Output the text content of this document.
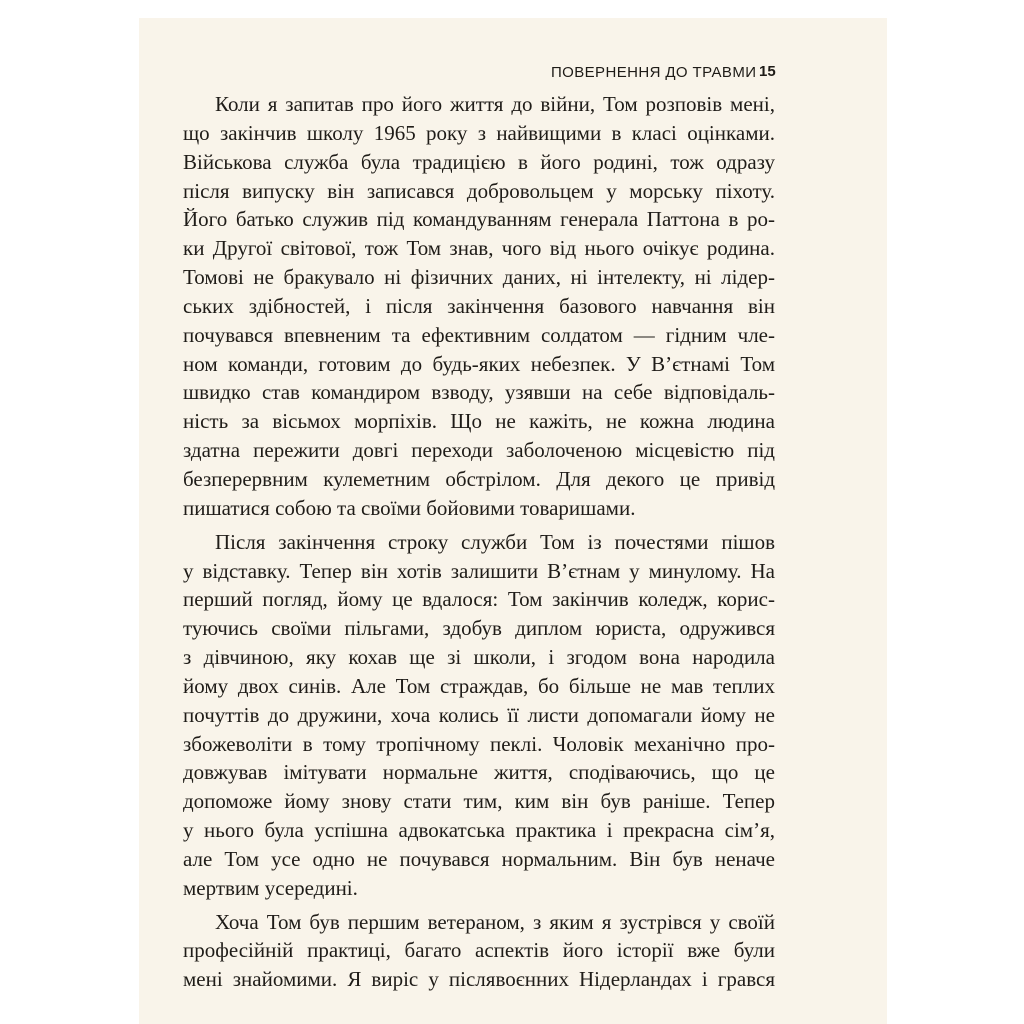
ПОВЕРНЕННЯ ДО ТРАВМИ 15
Коли я запитав про його життя до війни, Том розповів мені,
що закінчив школу 1965 року з найвищими в класі оцінками.
Військова служба була традицією в його родині, тож одразу
після випуску він записався добровольцем у морську піхоту.
Його батько служив під командуванням генерала Паттона в ро-
ки Другої світової, тож Том знав, чого від нього очікує родина.
Томові не бракувало ні фізичних даних, ні інтелекту, ні лідер-
ських здібностей, і після закінчення базового навчання він
почувався впевненим та ефективним солдатом — гідним чле-
ном команди, готовим до будь-яких небезпек. У В’єтнамі Том
швидко став командиром взводу, узявши на себе відповідаль-
ність за вісьмох морпіхів. Що не кажіть, не кожна людина
здатна пережити довгі переходи заболоченою місцевістю під
безперервним кулеметним обстрілом. Для декого це привід
пишатися собою та своїми бойовими товаришами.
Після закінчення строку служби Том із почестями пішов
у відставку. Тепер він хотів залишити В’єтнам у минулому. На
перший погляд, йому це вдалося: Том закінчив коледж, корис-
туючись своїми пільгами, здобув диплом юриста, одружився
з дівчиною, яку кохав ще зі школи, і згодом вона народила
йому двох синів. Але Том страждав, бо більше не мав теплих
почуттів до дружини, хоча колись її листи допомагали йому не
збожеволіти в тому тропічному пеклі. Чоловік механічно про-
довжував імітувати нормальне життя, сподіваючись, що це
допоможе йому знову стати тим, ким він був раніше. Тепер
у нього була успішна адвокатська практика і прекрасна сім’я,
але Том усе одно не почувався нормальним. Він був неначе
мертвим усередині.
Хоча Том був першим ветераном, з яким я зустрівся у своїй
професійній практиці, багато аспектів його історії вже були
мені знайомими. Я виріс у післявоєнних Нідерландах і грався
